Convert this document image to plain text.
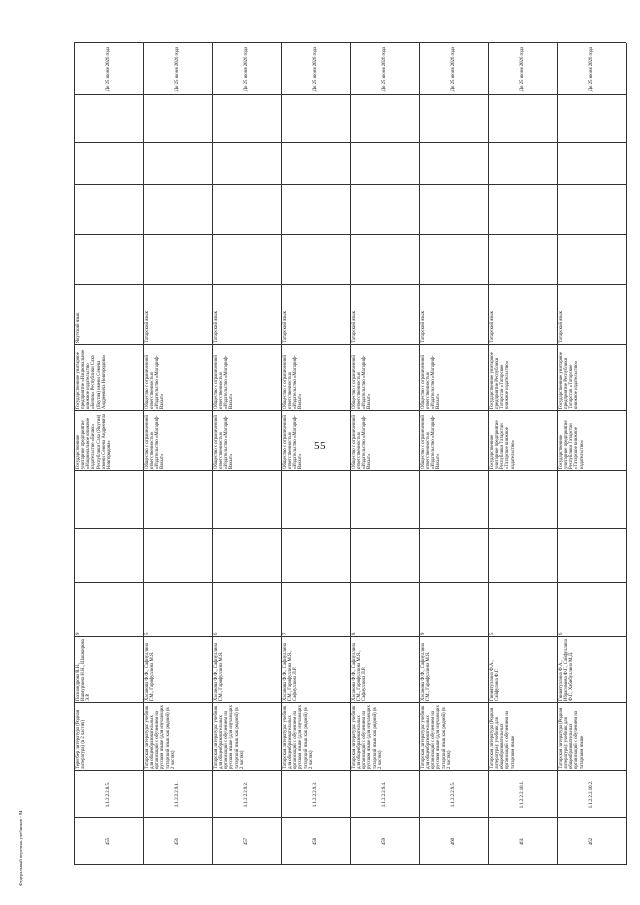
55
455
1.1.2.2.2.8.5.
Терегбер литература (Родная литература) (в 2 частях)
Полиандрова В.Н., Ишмурзина Н.Н., Шашкирова Э.Р.
9
Государственное унитарное предприятие «Национальное книжное издательство «Бичик» Республики Саха (Якутия) имени Семена Андреевича Новгородова»
Государственное унитарное предприятие «Национальное книжное издательство «Бичик» Республики Саха (Якутия) имени Семена Андреевича Новгородова»
Якутский язык
До 25 июня 2026 года
456
1.1.2.2.2.9.1.
Татарская литература: учебник для общеобразовательных организаций с обучением на русском языке (для изучающих татарский язык как родной) (в 2 частях)
Хасанова Ф.Ф., Сафиуллина Г.М., Гарифуллина М.Я.
5
Общество с ограниченной ответственностью «Издательство «Магариф-Вакыт»
Общество с ограниченной ответственностью «Издательство «Магариф-Вакыт»
Татарский язык
До 25 июня 2026 года
457
1.1.2.2.2.9.2.
Татарская литература: учебник для общеобразовательных организаций с обучением на русском языке (для изучающих татарский язык как родной) (в 2 частях)
Хасанова Ф.Ф., Сафиуллина Г.М., Гарифуллина М.Я.
6
Общество с ограниченной ответственностью «Издательство «Магариф-Вакыт»
Общество с ограниченной ответственностью «Издательство «Магариф-Вакыт»
Татарский язык
До 25 июня 2026 года
458
1.1.2.2.2.9.3.
Татарская литература: учебник для общеобразовательных организаций с обучением на русском языке (для изучающих татарский язык как родной) (в 2 частях)
Хасанова Ф.Ф., Сафиуллина Г.М., Гарифуллина М.Я., Сафиуллина Л.Р.
7
Общество с ограниченной ответственностью «Издательство «Магариф-Вакыт»
Общество с ограниченной ответственностью «Издательство «Магариф-Вакыт»
Татарский язык
До 25 июня 2026 года
459
1.1.2.2.2.9.4.
Татарская литература: учебник для общеобразовательных организаций с обучением на русском языке (для изучающих татарский язык как родной) (в 2 частях)
Хасанова Ф.Ф., Сафиуллина Г.М., Гарифуллина М.Я., Сафиуллина Л.Р.
8
Общество с ограниченной ответственностью «Издательство «Магариф-Вакыт»
Общество с ограниченной ответственностью «Издательство «Магариф-Вакыт»
Татарский язык
До 25 июня 2026 года
460
1.1.2.2.2.9.5.
Татарская литература: учебник для общеобразовательных организаций с обучением на русском языке (для изучающих татарский язык как родной) (в 2 частях)
Хасанова Ф.Ф., Сафиуллина Г.М., Гарифуллина М.Я.
9
Общество с ограниченной ответственностью «Издательство «Магариф-Вакыт»
Общество с ограниченной ответственностью «Издательство «Магариф-Вакыт»
Татарский язык
До 25 июня 2026 года
461
1.1.2.2.2.10.1.
Татарская литература (Родная литература): учебник для общеобразовательных организаций с обучением на татарском языке
Гиниятуллина Ф.А., Сайфулина Ф.Г.
5
Государственное унитарное предприятие Республики Татарстан «Татарское книжное издательство»
Государственное унитарное предприятие Республики Татарстан «Татарское книжное издательство»
Татарский язык
До 25 июня 2026 года
462
1.1.2.2.2.10.2.
Татарская литература (Родная литература): учебник для общеобразовательных организаций с обучением на татарском языке
Гиниятуллина Ф.А., Ибрагимова Ф.Г., Сайфуллина Ф.Г., Хабибуллина М.Д.
6
Государственное унитарное предприятие Республики Татарстан «Татарское книжное издательство»
Государственное унитарное предприятие Республики Татарстан «Татарское книжное издательство»
Татарский язык
До 25 июня 2026 года
Федеральный перечень учебников - 94
